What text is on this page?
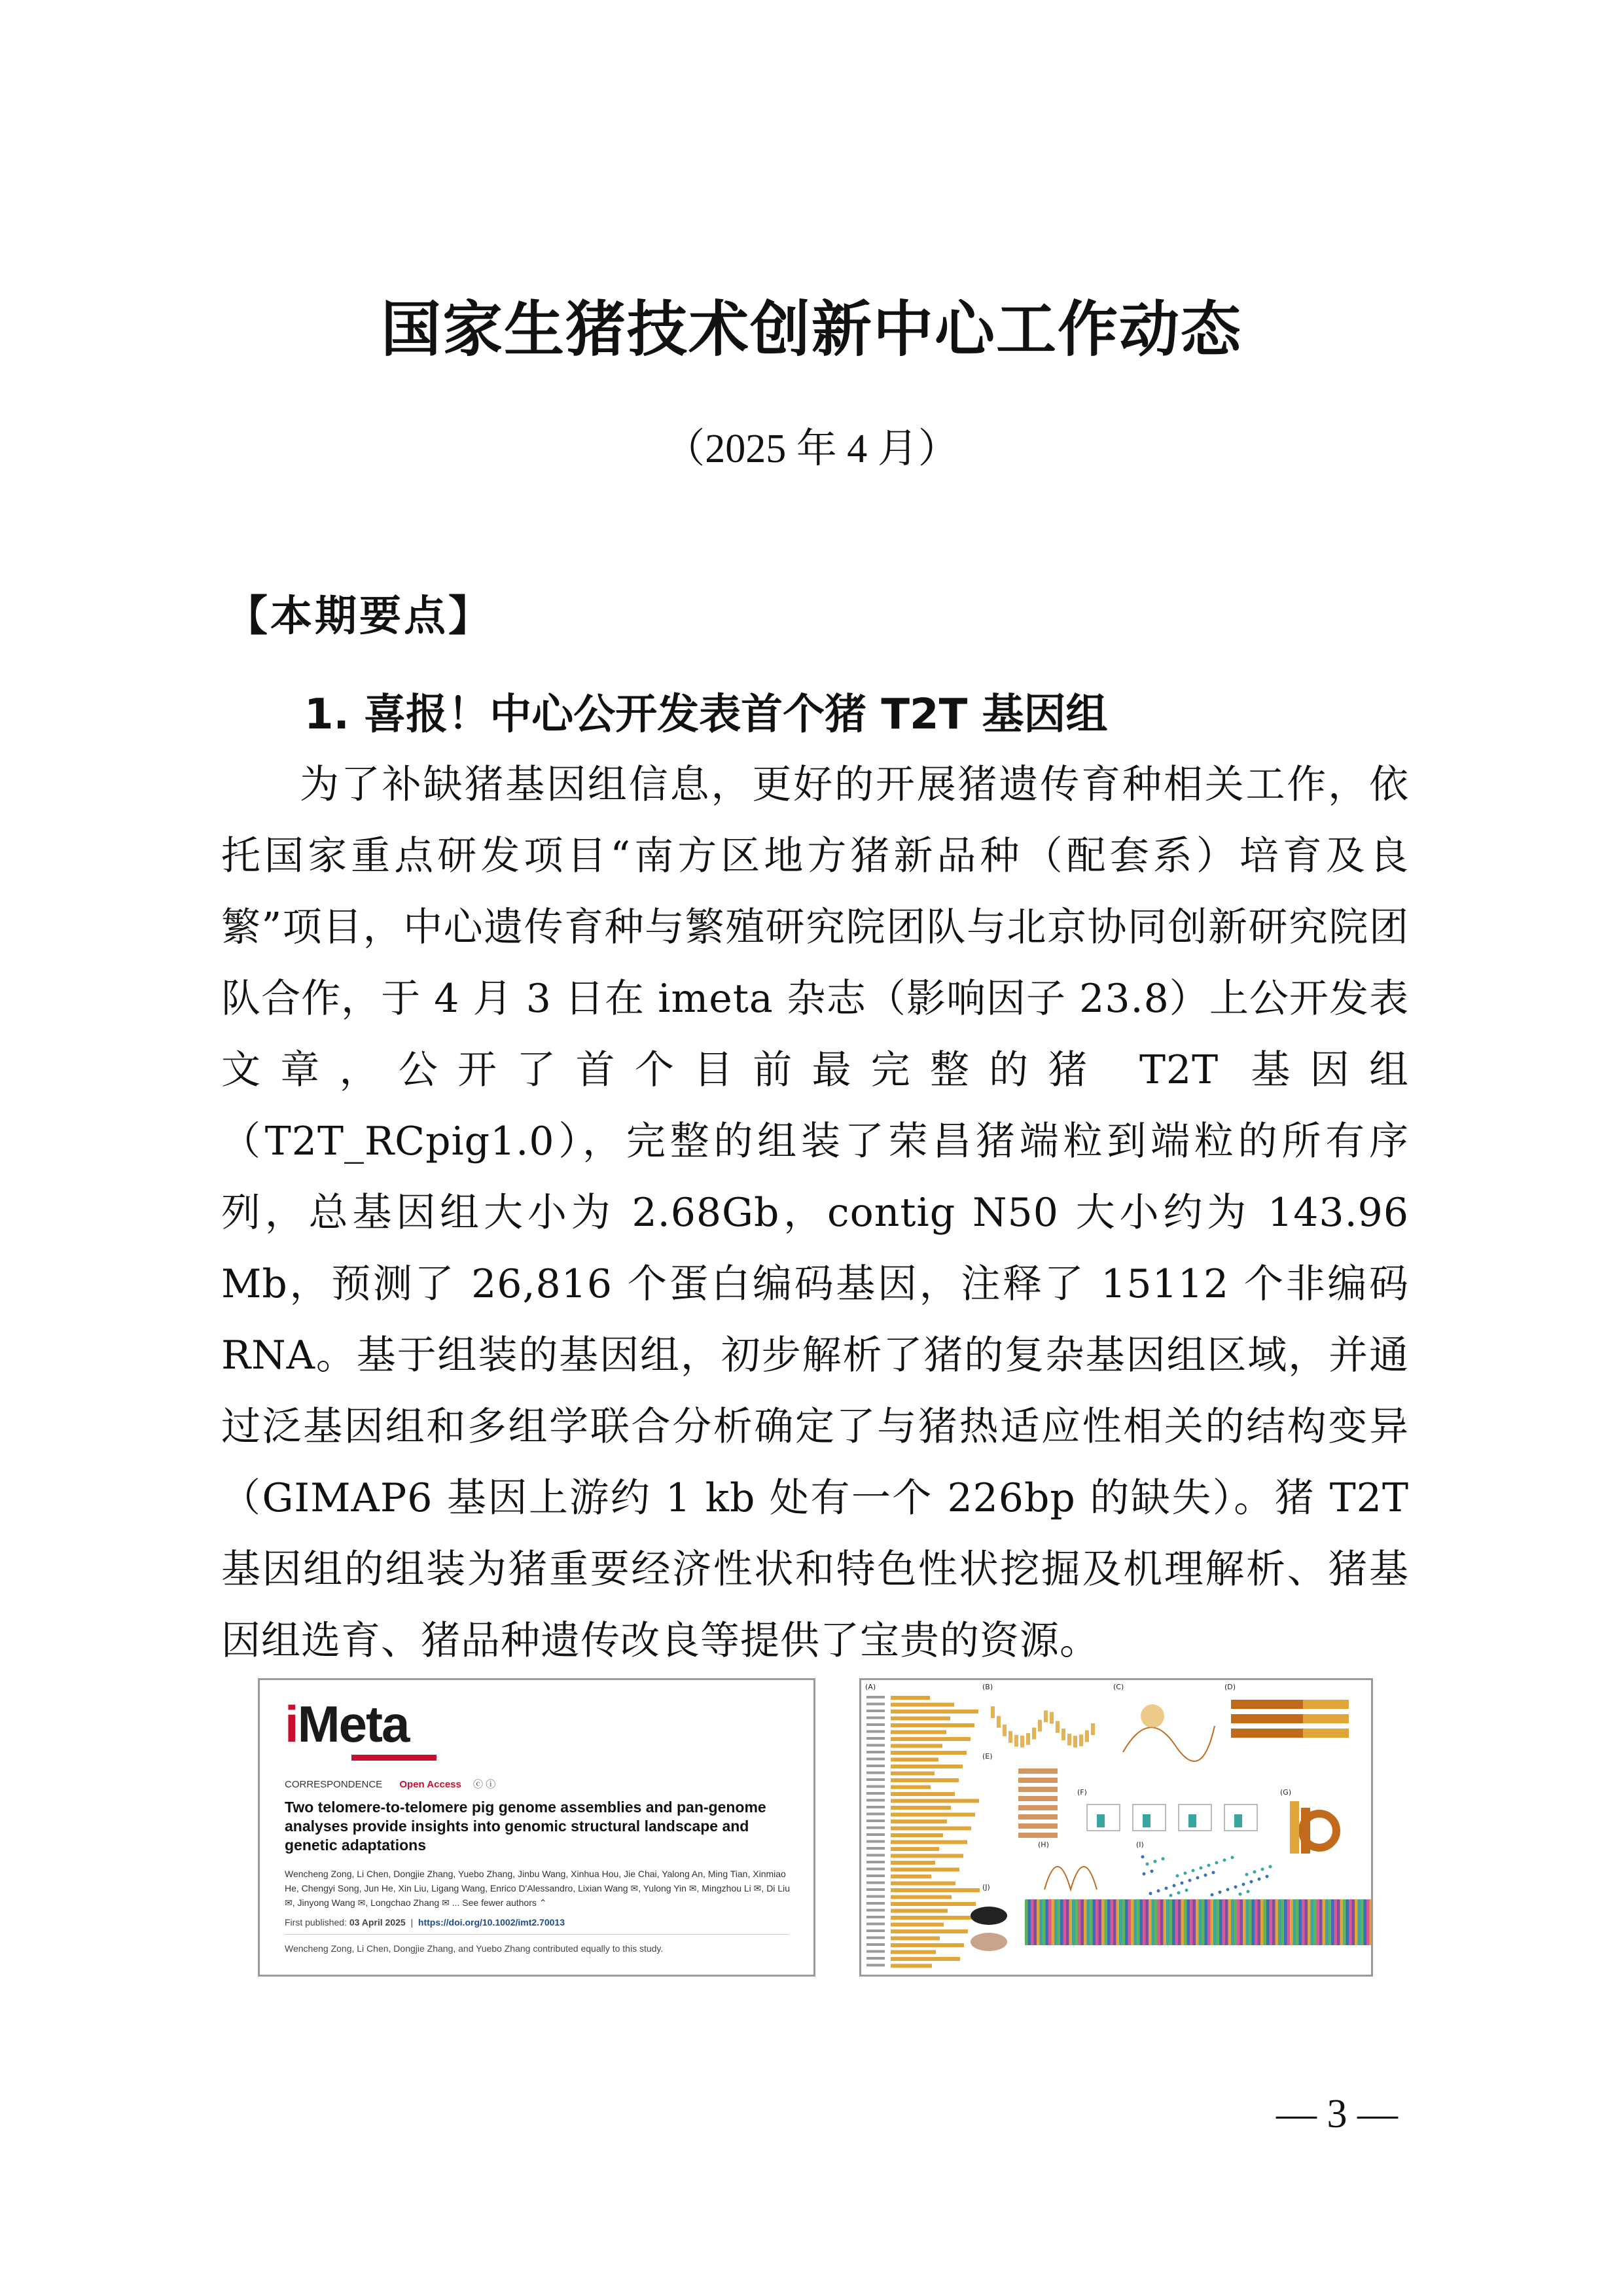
国家生猪技术创新中心工作动态
（2025 年 4 月）
【本期要点】
1. 喜报！中心公开发表首个猪 T2T 基因组

为了补缺猪基因组信息，更好的开展猪遗传育种相关工作，依托国家重点研发项目“南方区地方猪新品种（配套系）培育及良繁”项目，中心遗传育种与繁殖研究院团队与北京协同创新研究院团队合作，于 4 月 3 日在 imeta 杂志（影响因子 23.8）上公开发表文章，公开了首个目前最完整的猪 T2T 基因组（T2T_RCpig1.0），完整的组装了荣昌猪端粒到端粒的所有序列，总基因组大小为 2.68Gb，contig N50 大小约为 143.96 Mb，预测了 26,816 个蛋白编码基因，注释了 15112 个非编码 RNA。基于组装的基因组，初步解析了猪的复杂基因组区域，并通过泛基因组和多组学联合分析确定了与猪热适应性相关的结构变异（GIMAP6 基因上游约 1 kb 处有一个 226bp 的缺失）。猪 T2T 基因组的组装为猪重要经济性状和特色性状挖掘及机理解析、猪基因组选育、猪品种遗传改良等提供了宝贵的资源。

iMeta
CORRESPONDENCE Open Access ⓒ ⓘ
Two telomere-to-telomere pig genome assemblies and pan-genome analyses provide insights into genomic structural landscape and genetic adaptations
Wencheng Zong, Li Chen, Dongjie Zhang, Yuebo Zhang, Jinbu Wang, Xinhua Hou, Jie Chai, Yalong An, Ming Tian, Xinmiao He, Chengyi Song, Jun He, Xin Liu, Ligang Wang, Enrico D'Alessandro, Lixian Wang ✉, Yulong Yin ✉, Mingzhou Li ✉, Di Liu ✉, Jinyong Wang ✉, Longchao Zhang ✉ ... See fewer authors ⌃
First published: 03 April 2025  |  https://doi.org/10.1002/imt2.70013
Wencheng Zong, Li Chen, Dongjie Zhang, and Yuebo Zhang contributed equally to this study.
(A)	(B)	(C)	(D)
(E)
(F)	(G)
(H)	(I)
(J)
— 3 —
